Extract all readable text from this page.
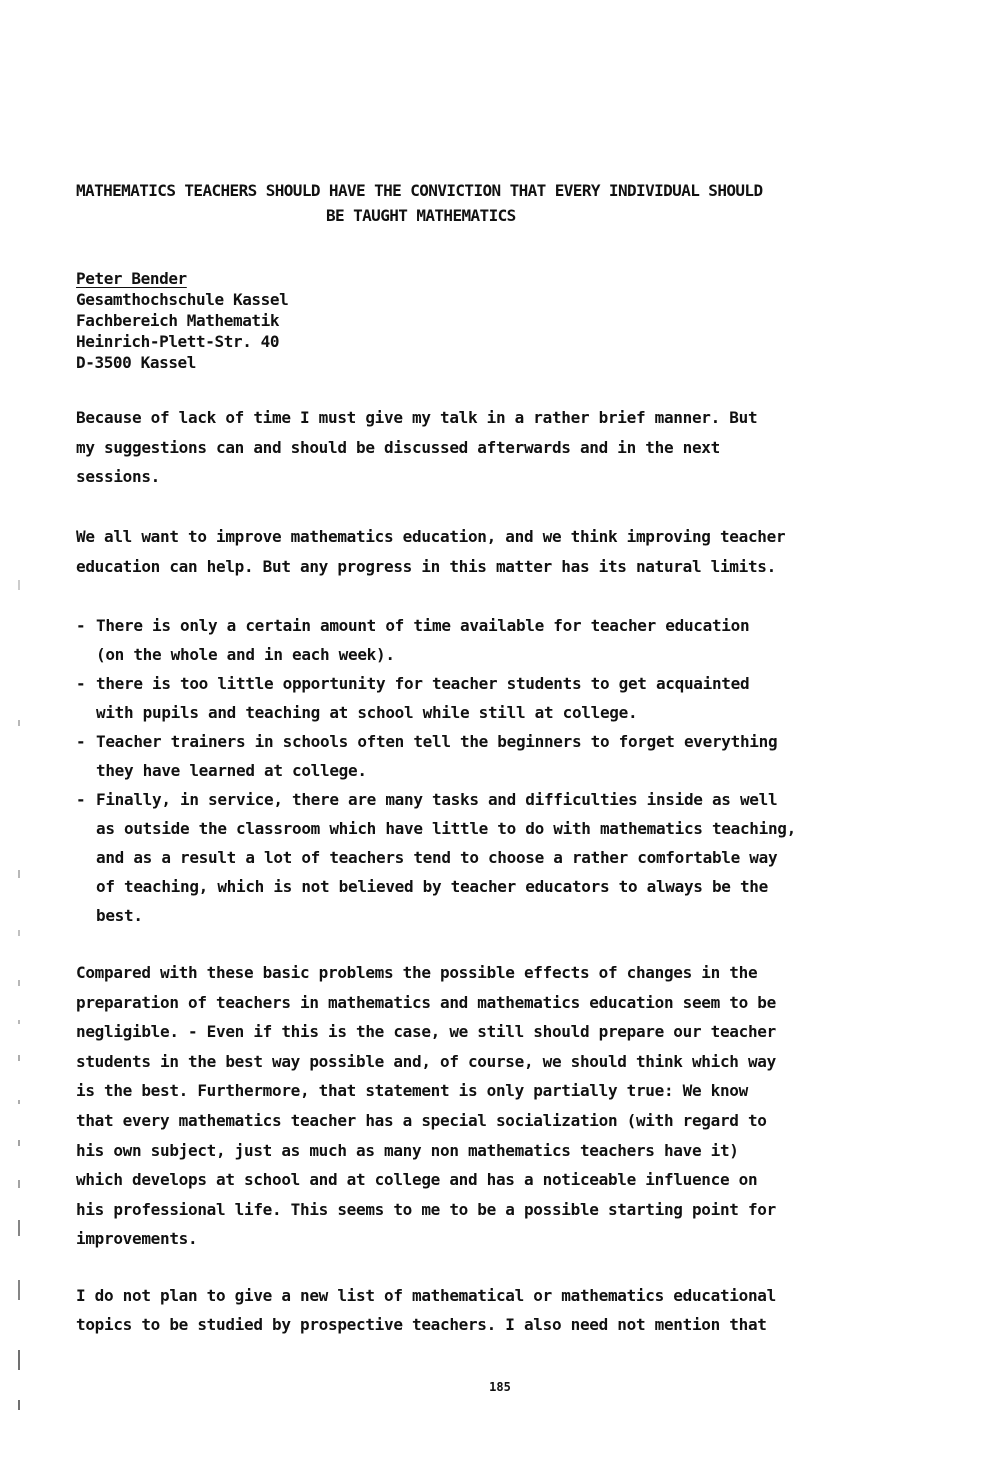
MATHEMATICS TEACHERS SHOULD HAVE THE CONVICTION THAT EVERY INDIVIDUAL SHOULD
BE TAUGHT MATHEMATICS
Peter Bender
Gesamthochschule Kassel
Fachbereich Mathematik
Heinrich-Plett-Str. 40
D-3500 Kassel
Because of lack of time I must give my talk in a rather brief manner. But
my suggestions can and should be discussed afterwards and in the next
sessions.
We all want to improve mathematics education, and we think improving teacher
education can help. But any progress in this matter has its natural limits.
- There is only a certain amount of time available for teacher education
(on the whole and in each week).
- there is too little opportunity for teacher students to get acquainted
with pupils and teaching at school while still at college.
- Teacher trainers in schools often tell the beginners to forget everything
they have learned at college.
- Finally, in service, there are many tasks and difficulties inside as well
as outside the classroom which have little to do with mathematics teaching,
and as a result a lot of teachers tend to choose a rather comfortable way
of teaching, which is not believed by teacher educators to always be the
best.
Compared with these basic problems the possible effects of changes in the
preparation of teachers in mathematics and mathematics education seem to be
negligible. - Even if this is the case, we still should prepare our teacher
students in the best way possible and, of course, we should think which way
is the best. Furthermore, that statement is only partially true: We know
that every mathematics teacher has a special socialization (with regard to
his own subject, just as much as many non mathematics teachers have it)
which develops at school and at college and has a noticeable influence on
his professional life. This seems to me to be a possible starting point for
improvements.
I do not plan to give a new list of mathematical or mathematics educational
topics to be studied by prospective teachers. I also need not mention that
185
